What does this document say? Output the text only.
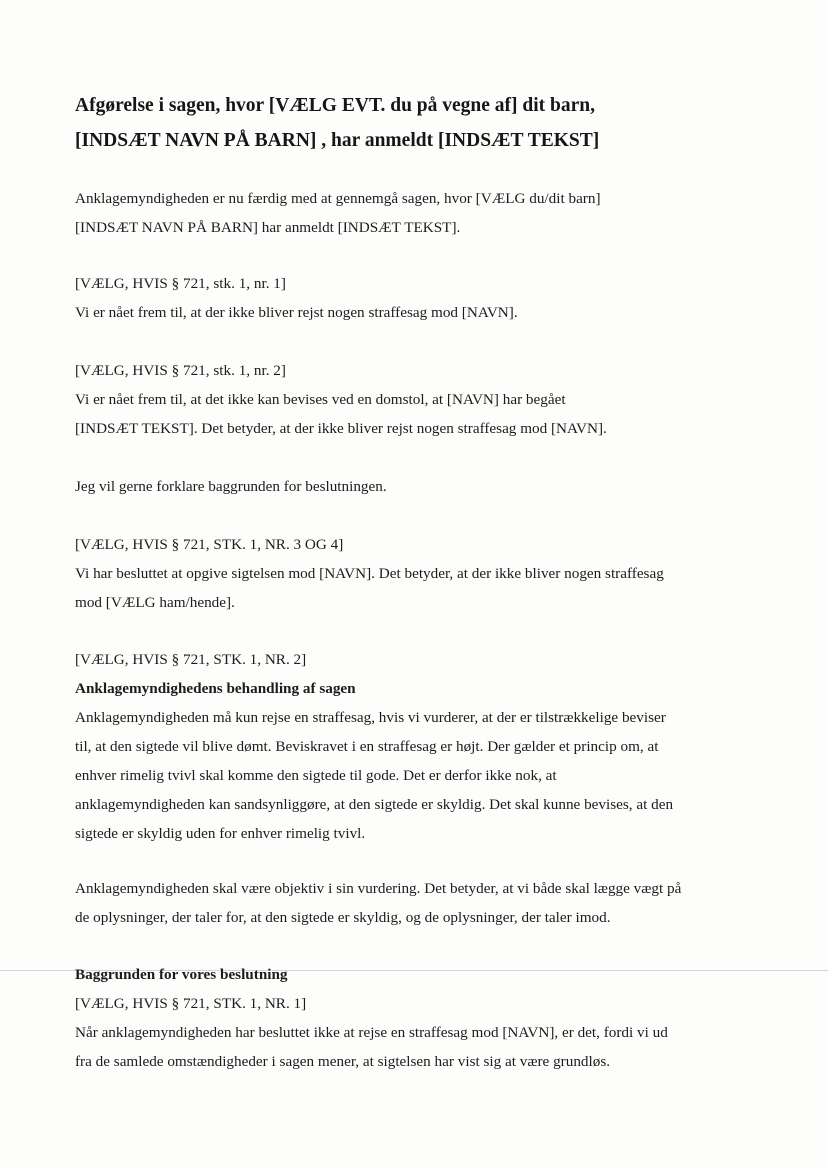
Afgørelse i sagen, hvor [VÆLG EVT. du på vegne af] dit barn,
[INDSÆT NAVN PÅ BARN] , har anmeldt [INDSÆT TEKST]
Anklagemyndigheden er nu færdig med at gennemgå sagen, hvor [VÆLG du/dit barn]
[INDSÆT NAVN PÅ BARN] har anmeldt [INDSÆT TEKST].
[VÆLG, HVIS § 721, stk. 1, nr. 1]
Vi er nået frem til, at der ikke bliver rejst nogen straffesag mod [NAVN].
[VÆLG, HVIS § 721, stk. 1, nr. 2]
Vi er nået frem til, at det ikke kan bevises ved en domstol, at [NAVN] har begået
[INDSÆT TEKST]. Det betyder, at der ikke bliver rejst nogen straffesag mod [NAVN].
Jeg vil gerne forklare baggrunden for beslutningen.
[VÆLG, HVIS § 721, STK. 1, NR. 3 OG 4]
Vi har besluttet at opgive sigtelsen mod [NAVN]. Det betyder, at der ikke bliver nogen straffesag
mod [VÆLG ham/hende].
[VÆLG, HVIS § 721, STK. 1, NR. 2]
Anklagemyndighedens behandling af sagen
Anklagemyndigheden må kun rejse en straffesag, hvis vi vurderer, at der er tilstrækkelige beviser
til, at den sigtede vil blive dømt. Beviskravet i en straffesag er højt. Der gælder et princip om, at
enhver rimelig tvivl skal komme den sigtede til gode. Det er derfor ikke nok, at
anklagemyndigheden kan sandsynliggøre, at den sigtede er skyldig. Det skal kunne bevises, at den
sigtede er skyldig uden for enhver rimelig tvivl.
Anklagemyndigheden skal være objektiv i sin vurdering. Det betyder, at vi både skal lægge vægt på
de oplysninger, der taler for, at den sigtede er skyldig, og de oplysninger, der taler imod.
Baggrunden for vores beslutning
[VÆLG, HVIS § 721, STK. 1, NR. 1]
Når anklagemyndigheden har besluttet ikke at rejse en straffesag mod [NAVN], er det, fordi vi ud
fra de samlede omstændigheder i sagen mener, at sigtelsen har vist sig at være grundløs.
